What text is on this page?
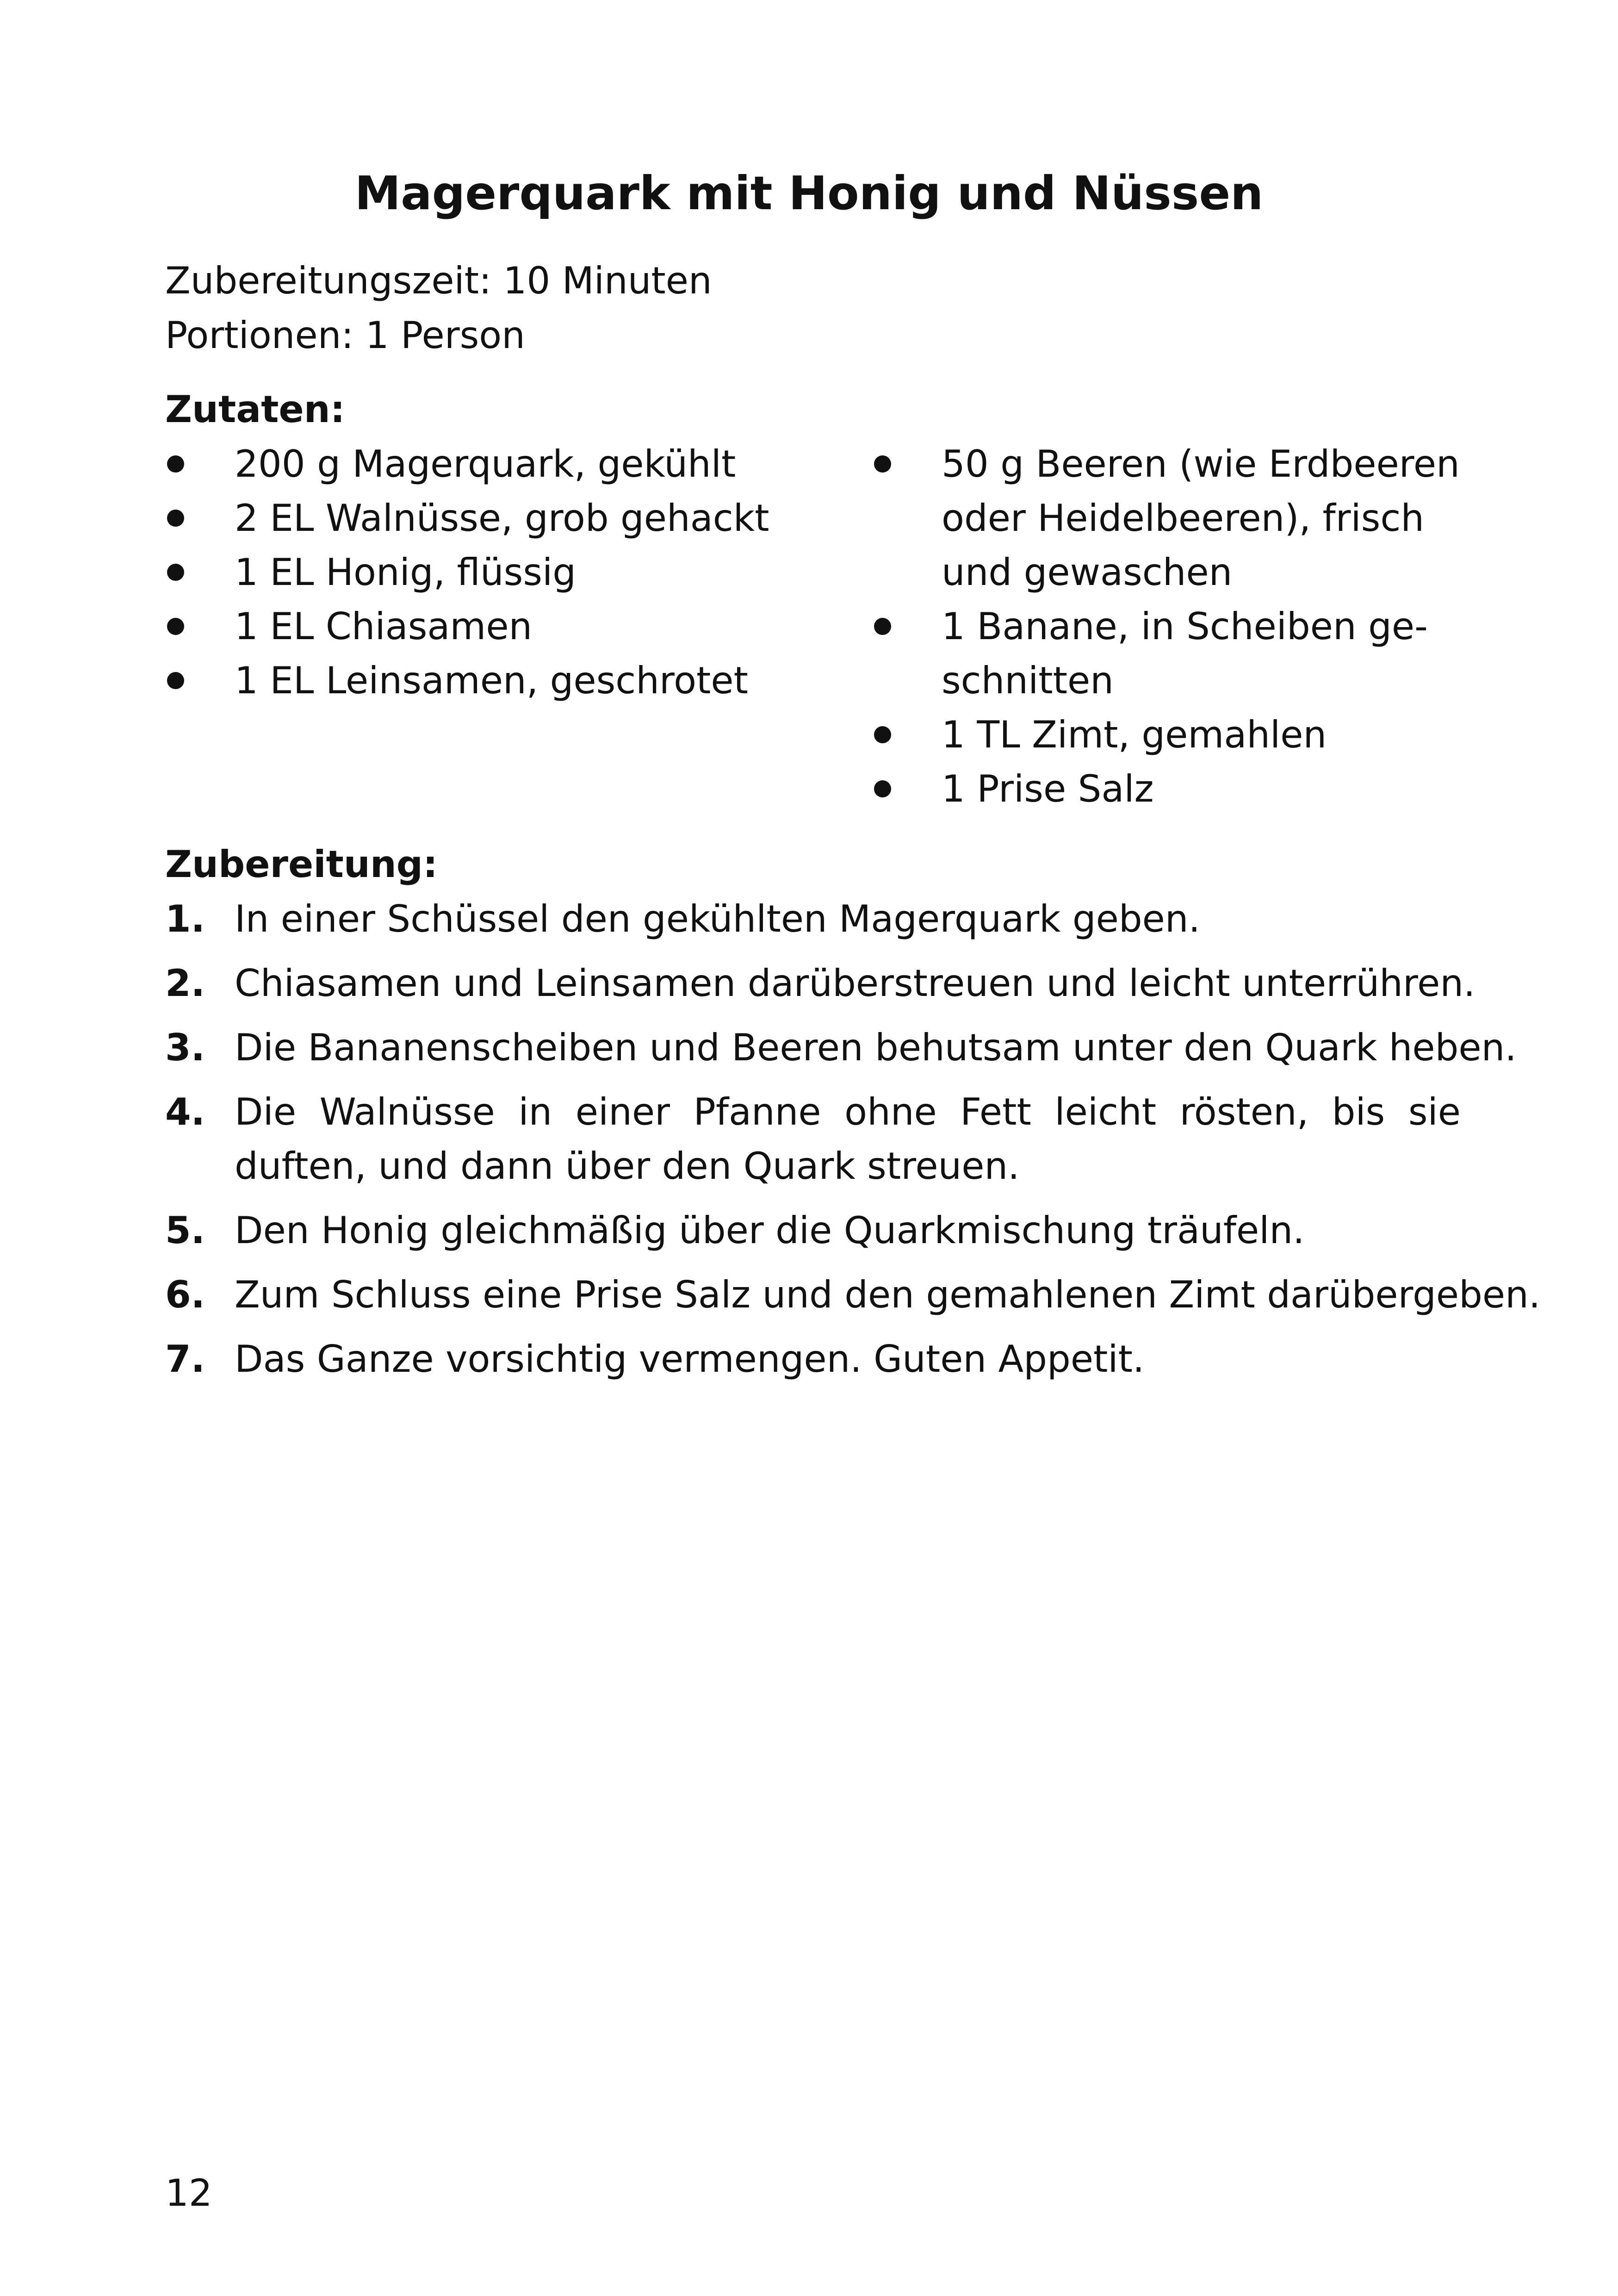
Magerquark mit Honig und Nüssen
Zubereitungszeit: 10 Minuten
Portionen: 1 Person
Zutaten:
200 g Magerquark, gekühlt
2 EL Walnüsse, grob gehackt
1 EL Honig, flüssig
1 EL Chiasamen
1 EL Leinsamen, geschrotet
50 g Beeren (wie Erdbeeren oder Heidelbeeren), frisch und gewaschen
1 Banane, in Scheiben ge-schnitten
1 TL Zimt, gemahlen
1 Prise Salz
Zubereitung:
1. In einer Schüssel den gekühlten Magerquark geben.
2. Chiasamen und Leinsamen darüberstreuen und leicht unterrühren.
3. Die Bananenscheiben und Beeren behutsam unter den Quark heben.
4. Die Walnüsse in einer Pfanne ohne Fett leicht rösten, bis sie duften, und dann über den Quark streuen.
5. Den Honig gleichmäßig über die Quarkmischung träufeln.
6. Zum Schluss eine Prise Salz und den gemahlenen Zimt darübergeben.
7. Das Ganze vorsichtig vermengen. Guten Appetit.
12
